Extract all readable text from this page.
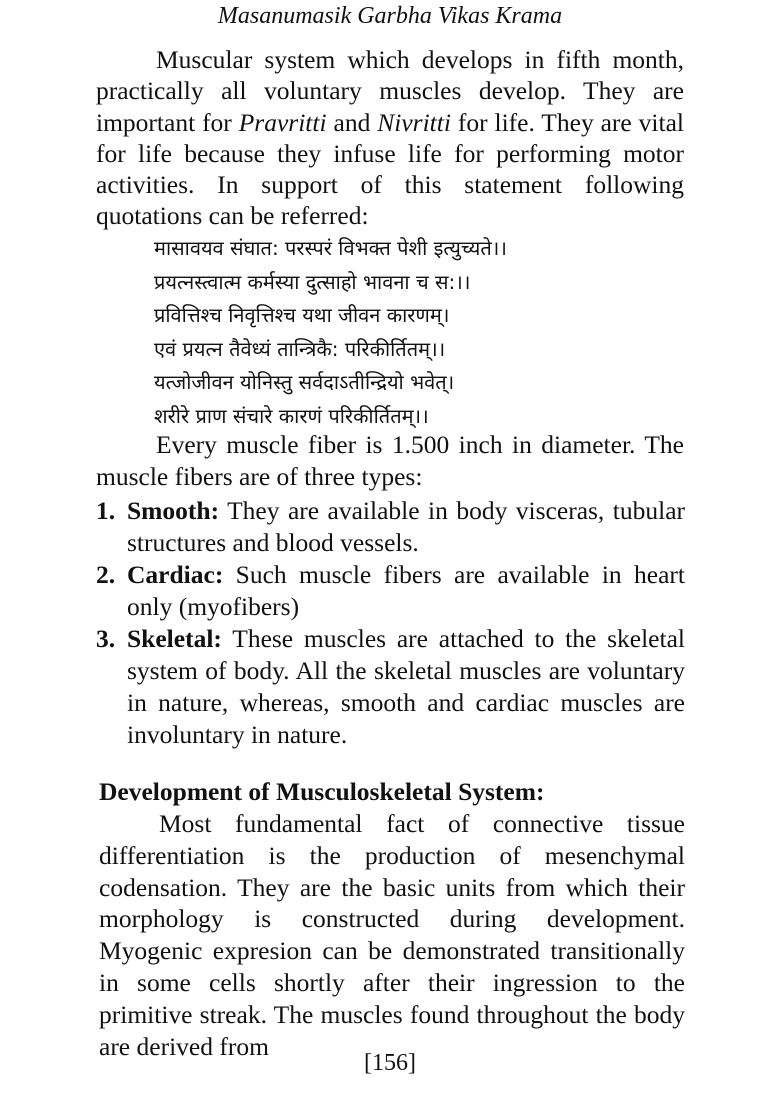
Masanumasik Garbha Vikas Krama
Muscular system which develops in fifth month, practically all voluntary muscles develop. They are important for Pravritti and Nivritti for life. They are vital for life because they infuse life for performing motor activities. In support of this statement following quotations can be referred:
मासावयव संघात: परस्परं विभक्त पेशी इत्युच्यते।।
प्रयत्नस्त्वात्म कर्मस्या दुत्साहो भावना च स:।।
प्रवित्तिश्च निवृत्तिश्च यथा जीवन कारणम्।
एवं प्रयत्न तैवेध्यं तान्त्रिकै: परिकीर्तितम्।।
यत्जोजीवन योनिस्तु सर्वदाऽतीन्द्रियो भवेत्।
शरीरे प्राण संचारे कारणं परिकीर्तितम्।।
Every muscle fiber is 1.500 inch in diameter. The muscle fibers are of three types:
1. Smooth: They are available in body visceras, tubular structures and blood vessels.
2. Cardiac: Such muscle fibers are available in heart only (myofibers)
3. Skeletal: These muscles are attached to the skeletal system of body. All the skeletal muscles are voluntary in nature, whereas, smooth and cardiac muscles are involuntary in nature.
Development of Musculoskeletal System:
Most fundamental fact of connective tissue differentiation is the production of mesenchymal codensation. They are the basic units from which their morphology is constructed during development. Myogenic expresion can be demonstrated transitionally in some cells shortly after their ingression to the primitive streak. The muscles found throughout the body are derived from
[156]
